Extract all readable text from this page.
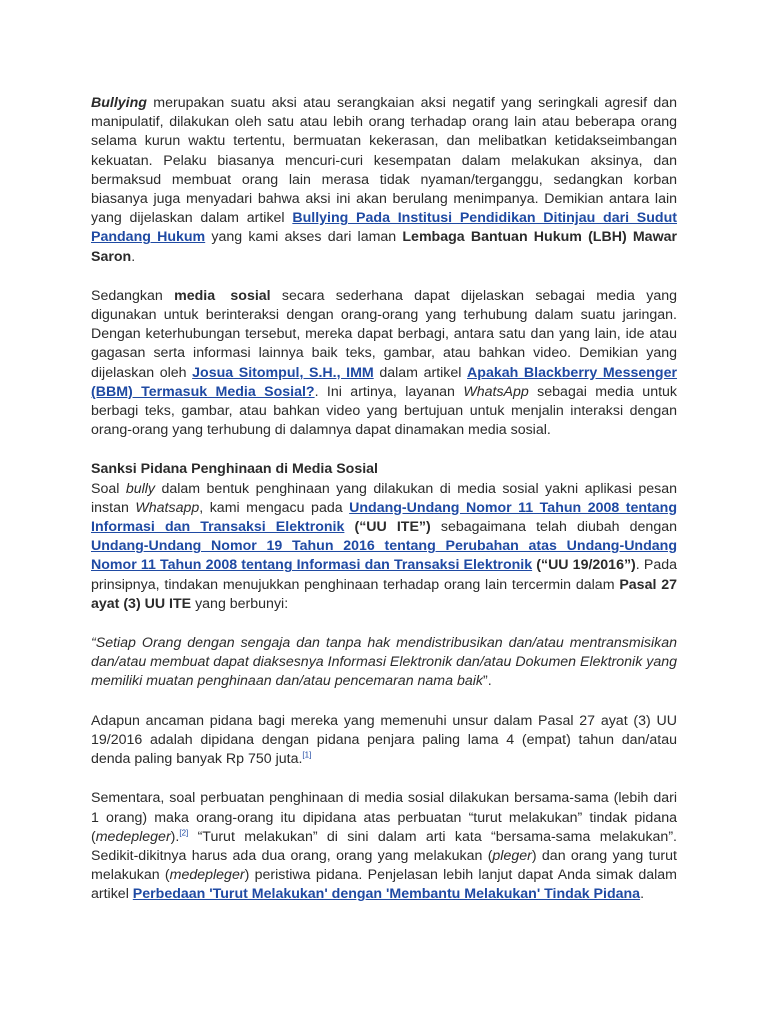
Bullying merupakan suatu aksi atau serangkaian aksi negatif yang seringkali agresif dan manipulatif, dilakukan oleh satu atau lebih orang terhadap orang lain atau beberapa orang selama kurun waktu tertentu, bermuatan kekerasan, dan melibatkan ketidakseimbangan kekuatan. Pelaku biasanya mencuri-curi kesempatan dalam melakukan aksinya, dan bermaksud membuat orang lain merasa tidak nyaman/terganggu, sedangkan korban biasanya juga menyadari bahwa aksi ini akan berulang menimpanya. Demikian antara lain yang dijelaskan dalam artikel Bullying Pada Institusi Pendidikan Ditinjau dari Sudut Pandang Hukum yang kami akses dari laman Lembaga Bantuan Hukum (LBH) Mawar Saron.

Sedangkan media sosial secara sederhana dapat dijelaskan sebagai media yang digunakan untuk berinteraksi dengan orang-orang yang terhubung dalam suatu jaringan. Dengan keterhubungan tersebut, mereka dapat berbagi, antara satu dan yang lain, ide atau gagasan serta informasi lainnya baik teks, gambar, atau bahkan video. Demikian yang dijelaskan oleh Josua Sitompul, S.H., IMM dalam artikel Apakah Blackberry Messenger (BBM) Termasuk Media Sosial?. Ini artinya, layanan WhatsApp sebagai media untuk berbagi teks, gambar, atau bahkan video yang bertujuan untuk menjalin interaksi dengan orang-orang yang terhubung di dalamnya dapat dinamakan media sosial.

Sanksi Pidana Penghinaan di Media Sosial

Soal bully dalam bentuk penghinaan yang dilakukan di media sosial yakni aplikasi pesan instan Whatsapp, kami mengacu pada Undang-Undang Nomor 11 Tahun 2008 tentang Informasi dan Transaksi Elektronik (“UU ITE”) sebagaimana telah diubah dengan Undang-Undang Nomor 19 Tahun 2016 tentang Perubahan atas Undang-Undang Nomor 11 Tahun 2008 tentang Informasi dan Transaksi Elektronik (“UU 19/2016”). Pada prinsipnya, tindakan menujukkan penghinaan terhadap orang lain tercermin dalam Pasal 27 ayat (3) UU ITE yang berbunyi:

“Setiap Orang dengan sengaja dan tanpa hak mendistribusikan dan/atau mentransmisikan dan/atau membuat dapat diaksesnya Informasi Elektronik dan/atau Dokumen Elektronik yang memiliki muatan penghinaan dan/atau pencemaran nama baik”.

Adapun ancaman pidana bagi mereka yang memenuhi unsur dalam Pasal 27 ayat (3) UU 19/2016 adalah dipidana dengan pidana penjara paling lama 4 (empat) tahun dan/atau denda paling banyak Rp 750 juta.[1]

Sementara, soal perbuatan penghinaan di media sosial dilakukan bersama-sama (lebih dari 1 orang) maka orang-orang itu dipidana atas perbuatan “turut melakukan” tindak pidana (medepleger).[2] “Turut melakukan” di sini dalam arti kata “bersama-sama melakukan”. Sedikit-dikitnya harus ada dua orang, orang yang melakukan (pleger) dan orang yang turut melakukan (medepleger) peristiwa pidana. Penjelasan lebih lanjut dapat Anda simak dalam artikel Perbedaan 'Turut Melakukan' dengan 'Membantu Melakukan' Tindak Pidana.
